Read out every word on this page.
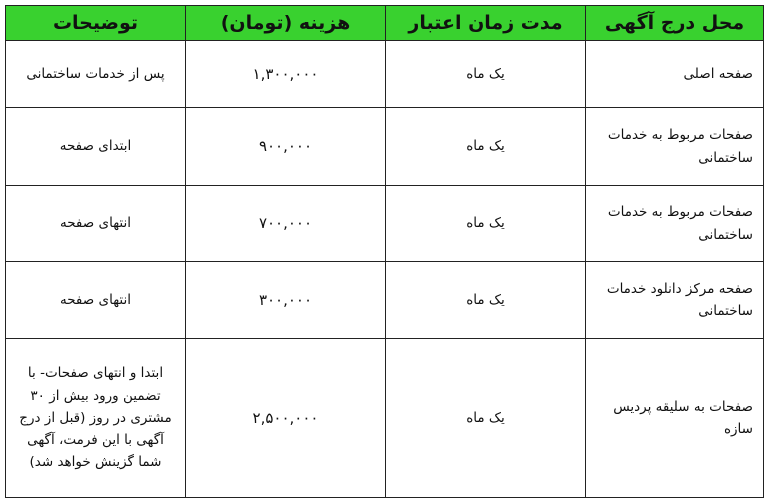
محل درج آگهی	مدت زمان اعتبار	هزینه (تومان)	توضیحات
صفحه اصلی	یک ماه	۱,۳۰۰,۰۰۰	پس از خدمات ساختمانی
صفحات مربوط به خدمات ساختمانی	یک ماه	۹۰۰,۰۰۰	ابتدای صفحه
صفحات مربوط به خدمات ساختمانی	یک ماه	۷۰۰,۰۰۰	انتهای صفحه
صفحه مرکز دانلود خدمات ساختمانی	یک ماه	۳۰۰,۰۰۰	انتهای صفحه
صفحات به سلیقه پردیس سازه	یک ماه	۲,۵۰۰,۰۰۰	ابتدا و انتهای صفحات- با تضمین ورود بیش از ۳۰ مشتری در روز (قبل از درج آگهی با این فرمت، آگهی شما گزینش خواهد شد)
